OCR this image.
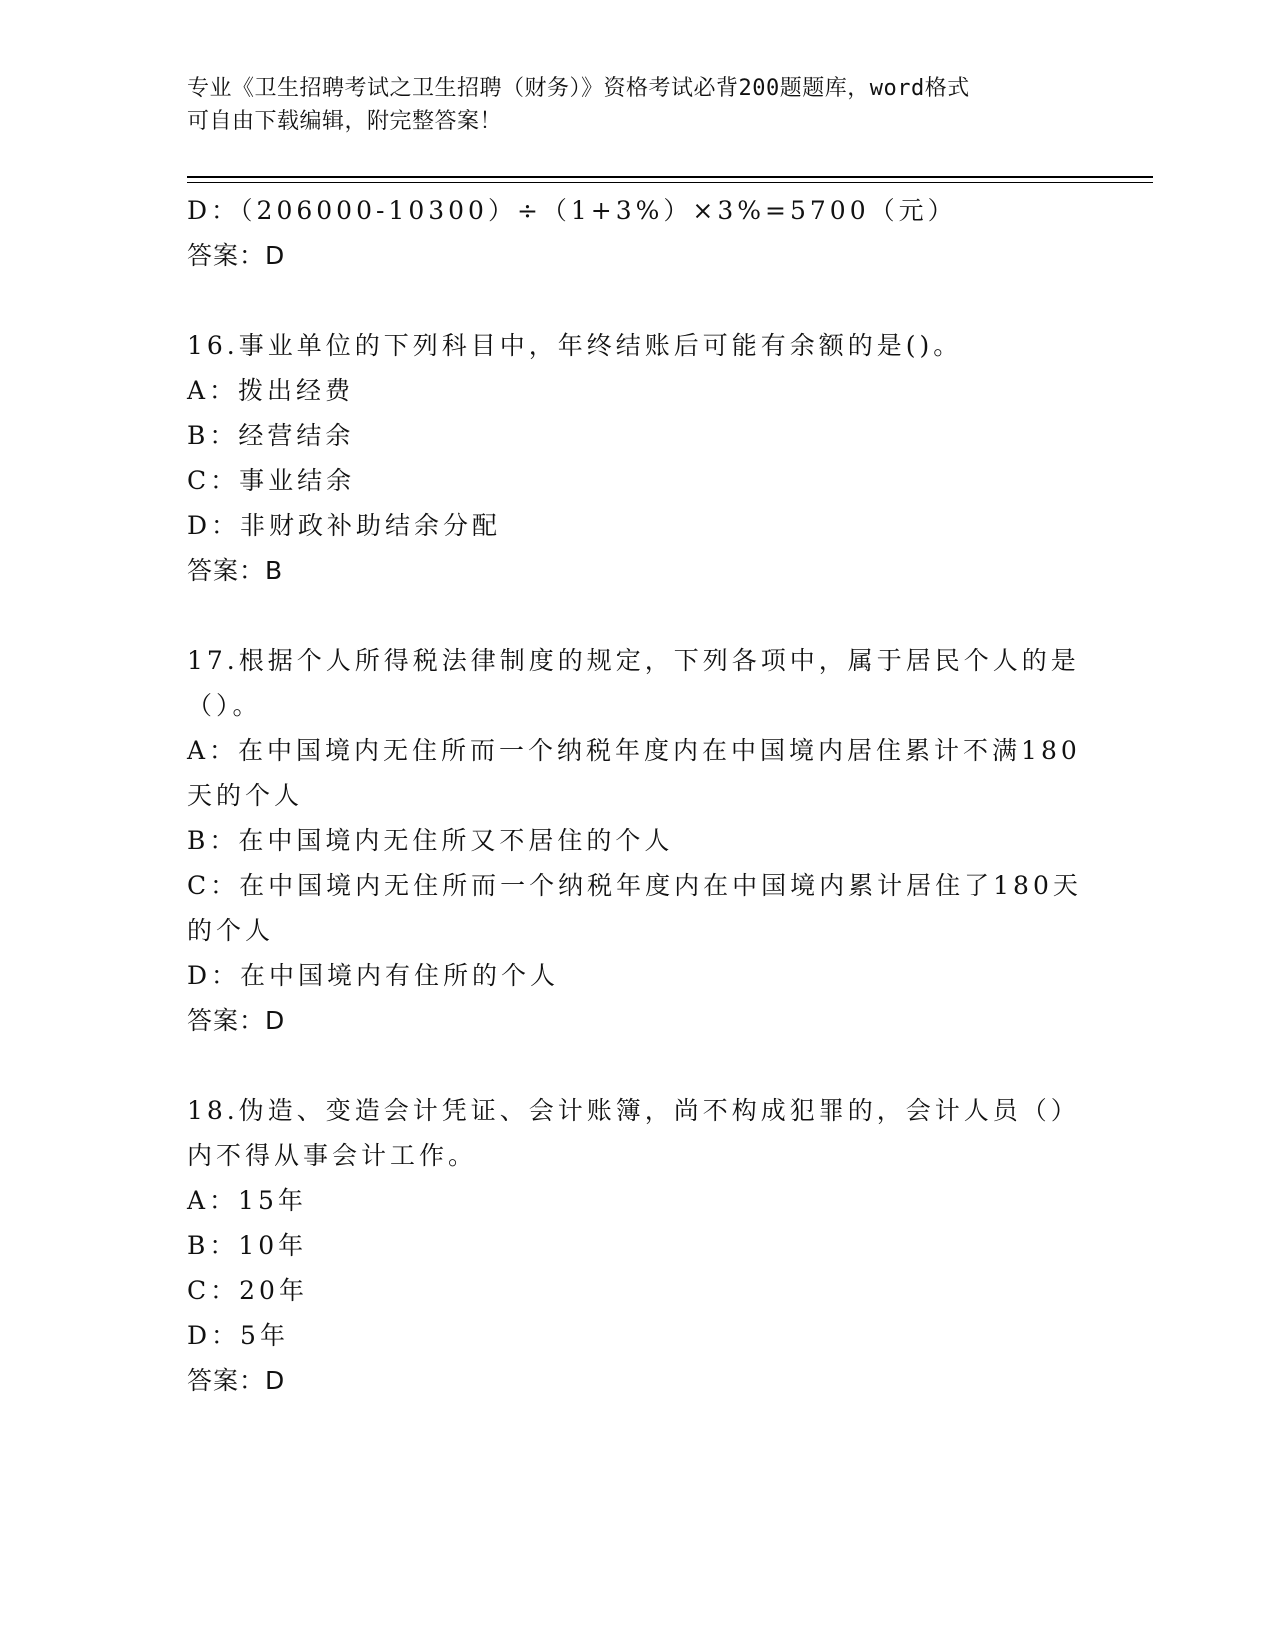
专业《卫生招聘考试之卫生招聘（财务）》资格考试必背200题题库，word格式
可自由下载编辑，附完整答案！

D：（206000-10300）÷（1+3%）×3%=5700（元）

答案：D

16.事业单位的下列科目中，年终结账后可能有余额的是()。

A：拨出经费

B：经营结余

C：事业结余

D：非财政补助结余分配

答案：B

17.根据个人所得税法律制度的规定，下列各项中，属于居民个人的是

（）。

A：在中国境内无住所而一个纳税年度内在中国境内居住累计不满180

天的个人

B：在中国境内无住所又不居住的个人

C：在中国境内无住所而一个纳税年度内在中国境内累计居住了180天

的个人

D：在中国境内有住所的个人

答案：D

18.伪造、变造会计凭证、会计账簿，尚不构成犯罪的，会计人员（）

内不得从事会计工作。

A：15年

B：10年

C：20年

D：5年

答案：D
